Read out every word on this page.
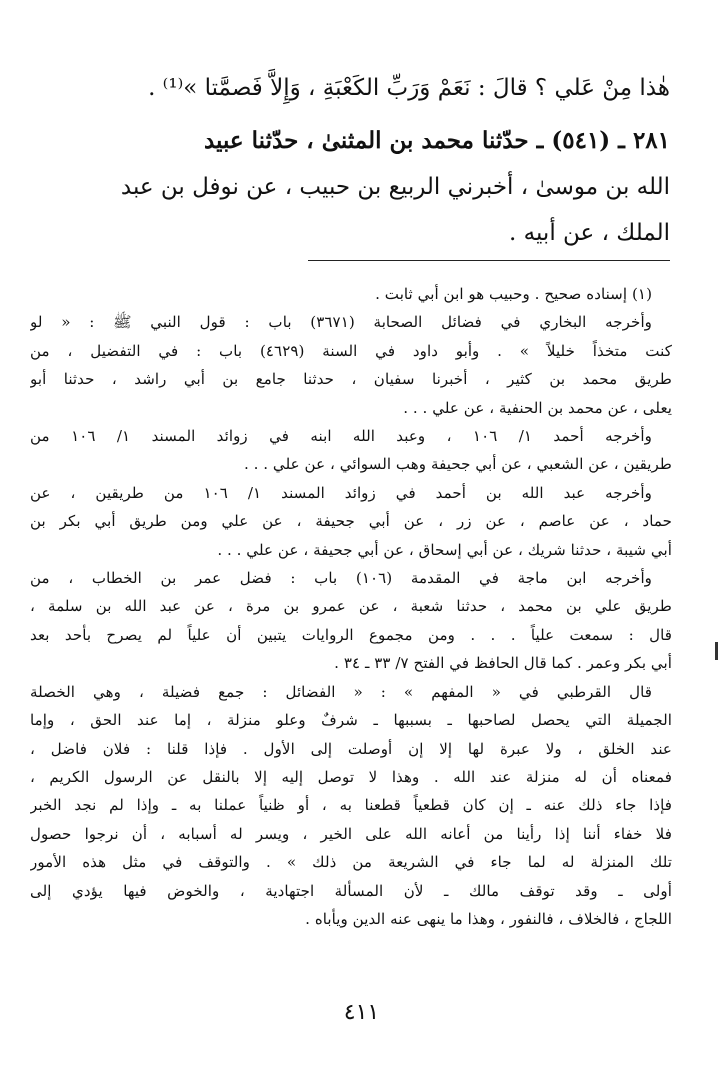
هٰذا مِنْ عَلي ؟ قالَ : نَعَمْ وَرَبِّ الكَعْبَةِ ، وَإِلاَّ فَصمَّتا »⁽¹⁾ .
٢٨١ ـ (٥٤١) ـ حدّثنا محمد بن المثنىٰ ، حدّثنا عبيد
الله بن موسىٰ ، أخبرني الربيع بن حبيب ، عن نوفل بن عبد
الملك ، عن أبيه .
(١) إسناده صحيح . وحبيب هو ابن أبي ثابت .
وأخرجه البخاري في فضائل الصحابة (٣٦٧١) باب : قول النبي ﷺ : « لو
كنت متخذاً خليلاً » . وأبو داود في السنة (٤٦٢٩) باب : في التفضيل ، من
طريق محمد بن كثير ، أخبرنا سفيان ، حدثنا جامع بن أبي راشد ، حدثنا أبو
يعلى ، عن محمد بن الحنفية ، عن علي . . .
وأخرجه أحمد ١/ ١٠٦ ، وعبد الله ابنه في زوائد المسند ١/ ١٠٦ من
طريقين ، عن الشعبي ، عن أبي جحيفة وهب السوائي ، عن علي . . .
وأخرجه عبد الله بن أحمد في زوائد المسند ١/ ١٠٦ من طريقين ، عن
حماد ، عن عاصم ، عن زر ، عن أبي جحيفة ، عن علي ومن طريق أبي بكر بن
أبي شيبة ، حدثنا شريك ، عن أبي إسحاق ، عن أبي جحيفة ، عن علي . . .
وأخرجه ابن ماجة في المقدمة (١٠٦) باب : فضل عمر بن الخطاب ، من
طريق علي بن محمد ، حدثنا شعبة ، عن عمرو بن مرة ، عن عبد الله بن سلمة ،
قال : سمعت علياً . . . ومن مجموع الروايات يتبين أن علياً لم يصرح بأحد بعد
أبي بكر وعمر . كما قال الحافظ في الفتح ٧/ ٣٣ ـ ٣٤ .
قال القرطبي في « المفهم » : « الفضائل : جمع فضيلة ، وهي الخصلة
الجميلة التي يحصل لصاحبها ـ بسببها ـ شرفٌ وعلو منزلة ، إما عند الحق ، وإما
عند الخلق ، ولا عبرة لها إلا إن أوصلت إلى الأول . فإذا قلنا : فلان فاضل ،
فمعناه أن له منزلة عند الله . وهذا لا توصل إليه إلا بالنقل عن الرسول الكريم ،
فإذا جاء ذلك عنه ـ إن كان قطعياً قطعنا به ، أو ظنياً عملنا به ـ وإذا لم نجد الخبر
فلا خفاء أننا إذا رأينا من أعانه الله على الخير ، ويسر له أسبابه ، أن نرجوا حصول
تلك المنزلة له لما جاء في الشريعة من ذلك » . والتوقف في مثل هذه الأمور
أولى ـ وقد توقف مالك ـ لأن المسألة اجتهادية ، والخوض فيها يؤدي إلى
اللجاج ، فالخلاف ، فالنفور ، وهذا ما ينهى عنه الدين ويأباه .
٤١١
